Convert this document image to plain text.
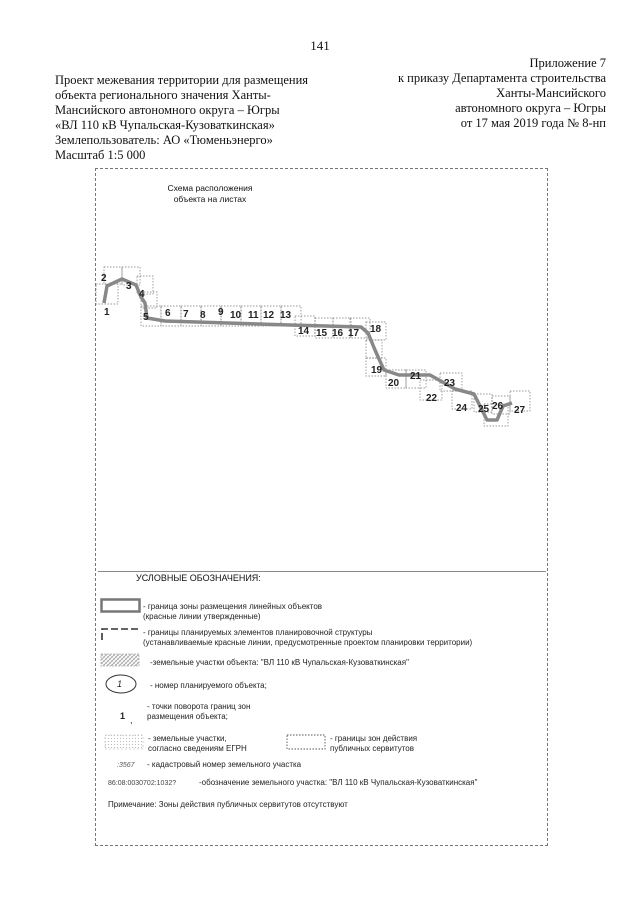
141
Приложение 7
к приказу Департамента строительства
Ханты-Мансийского
автономного округа – Югры
от 17 мая 2019 года № 8-нп
Проект межевания территории для размещения
объекта регионального значения Ханты-
Мансийского автономного округа – Югры
«ВЛ 110 кВ Чупальская-Кузоваткинская»
Землепользователь: АО «Тюменьэнерго»
Масштаб 1:5 000
Схема расположения
объекта на листах
1
2
3
4
5 6 7 8 9 10 11 12 13
14 15 16 17 18
19
20
21
22
23
24 25 26 27
УСЛОВНЫЕ ОБОЗНАЧЕНИЯ:
- граница зоны размещения линейных объектов
(красные линии утвержденные)
- границы планируемых элементов планировочной структуры
(устанавливаемые красные линии, предусмотренные проектом планировки территории)
-земельные участки объекта: "ВЛ 110 кВ Чупальская-Кузоваткинская"
1	- номер планируемого объекта;
1 ,
- точки поворота границ зон
размещения объекта;
- земельные участки,
согласно сведениям ЕГРН
- границы зон действия
публичных сервитутов
:3567 - кадастровый номер земельного участка
86:08:0030702:1032?	-обозначение земельного участка: "ВЛ 110 кВ Чупальская-Кузоваткинская"
Примечание: Зоны действия публичных сервитутов отсутствуют
